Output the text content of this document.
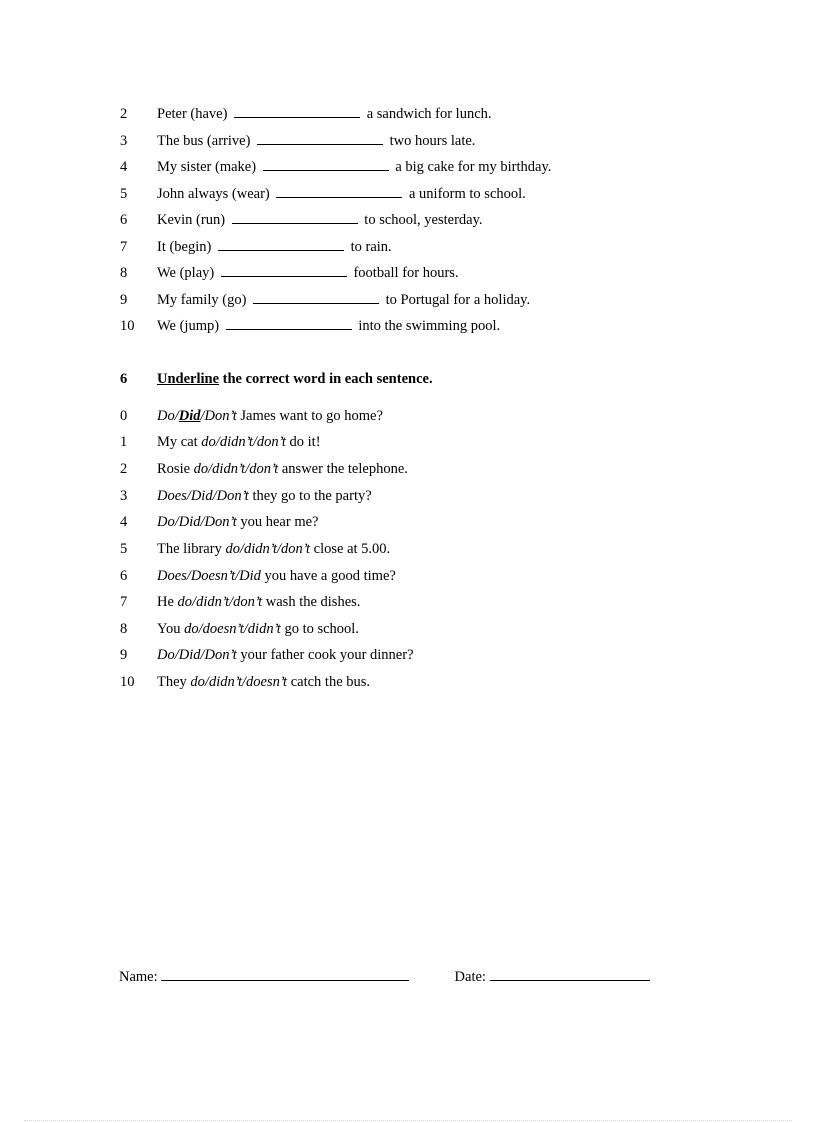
2 Peter (have)	a sandwich for lunch.
3 The bus (arrive)	two hours late.
4 My sister (make)	a big cake for my birthday.
5 John always (wear)	a uniform to school.
6 Kevin (run)	to school, yesterday.
7 It (begin)	to rain.
8 We (play)	football for hours.
9 My family (go)	to Portugal for a holiday.
10 We (jump)	into the swimming pool.
6 Underline the correct word in each sentence.
0 Do/Did/Don’t James want to go home?
1 My cat do/didn’t/don’t do it!
2 Rosie do/didn’t/don’t answer the telephone.
3 Does/Did/Don’t they go to the party?
4 Do/Did/Don’t you hear me?
5 The library do/didn’t/don’t close at 5.00.
6 Does/Doesn’t/Did you have a good time?
7 He do/didn’t/don’t wash the dishes.
8 You do/doesn’t/didn’t go to school.
9 Do/Did/Don’t your father cook your dinner?
10 They do/didn’t/doesn’t catch the bus.
Name:	Date:
